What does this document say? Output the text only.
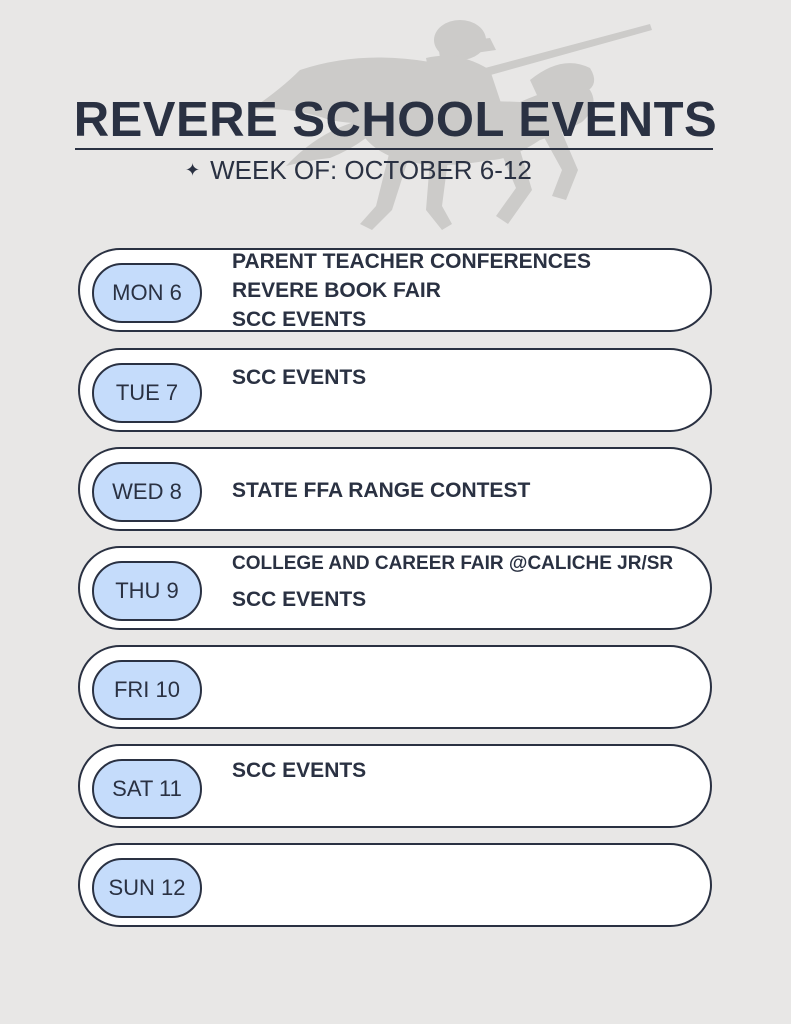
REVERE SCHOOL EVENTS
✦ WEEK OF: OCTOBER 6-12
MON 6
PARENT TEACHER CONFERENCES
REVERE BOOK FAIR
SCC EVENTS
TUE 7
SCC EVENTS
WED 8	STATE FFA RANGE CONTEST
THU 9
COLLEGE AND CAREER FAIR @CALICHE JR/SR
SCC EVENTS
FRI 10
SAT 11
SCC EVENTS
SUN 12
